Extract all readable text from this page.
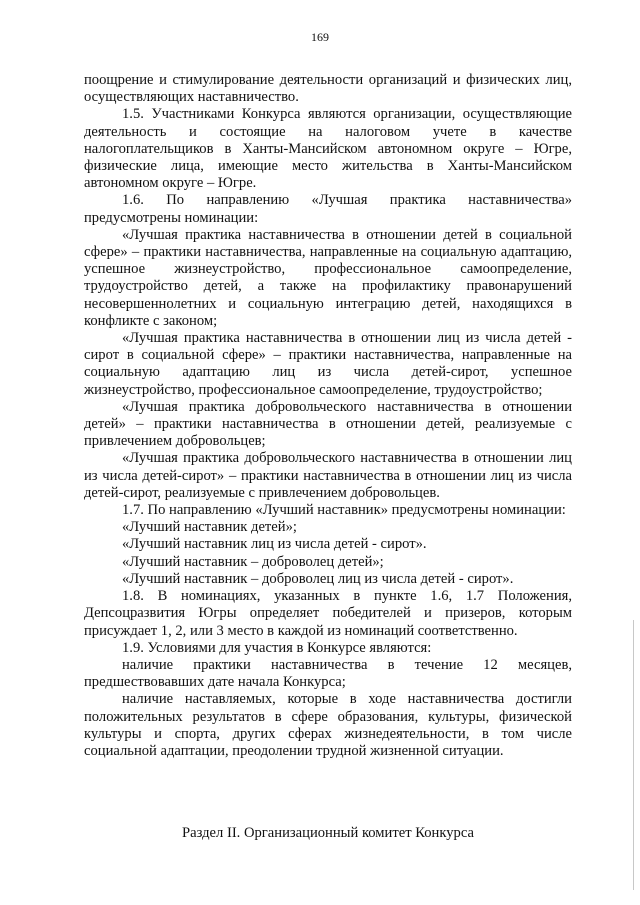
169

поощрение и стимулирование деятельности организаций и физических лиц, осуществляющих наставничество.

1.5. Участниками Конкурса являются организации, осуществляющие деятельность и состоящие на налоговом учете в качестве налогоплательщиков в Ханты-Мансийском автономном округе – Югре, физические лица, имеющие место жительства в Ханты-Мансийском автономном округе – Югре.

1.6. По направлению «Лучшая практика наставничества» предусмотрены номинации:

«Лучшая практика наставничества в отношении детей в социальной сфере» – практики наставничества, направленные на социальную адаптацию, успешное жизнеустройство, профессиональное самоопределение, трудоустройство детей, а также на профилактику правонарушений несовершеннолетних и социальную интеграцию детей, находящихся в конфликте с законом;

«Лучшая практика наставничества в отношении лиц из числа детей - сирот в социальной сфере» – практики наставничества, направленные на социальную адаптацию лиц из числа детей-сирот, успешное жизнеустройство, профессиональное самоопределение, трудоустройство;

«Лучшая практика добровольческого наставничества в отношении детей» – практики наставничества в отношении детей, реализуемые с привлечением добровольцев;

«Лучшая практика добровольческого наставничества в отношении лиц из числа детей-сирот» – практики наставничества в отношении лиц из числа детей-сирот, реализуемые с привлечением добровольцев.

1.7. По направлению «Лучший наставник» предусмотрены номинации:

«Лучший наставник детей»;

«Лучший наставник лиц из числа детей - сирот».

«Лучший наставник – доброволец детей»;

«Лучший наставник – доброволец лиц из числа детей - сирот».

1.8. В номинациях, указанных в пункте 1.6, 1.7 Положения, Депсоцразвития Югры определяет победителей и призеров, которым присуждает 1, 2, или 3 место в каждой из номинаций соответственно.

1.9. Условиями для участия в Конкурсе являются:

наличие практики наставничества в течение 12 месяцев, предшествовавших дате начала Конкурса;

наличие наставляемых, которые в ходе наставничества достигли положительных результатов в сфере образования, культуры, физической культуры и спорта, других сферах жизнедеятельности, в том числе социальной адаптации, преодолении трудной жизненной ситуации.

Раздел II. Организационный комитет Конкурса
